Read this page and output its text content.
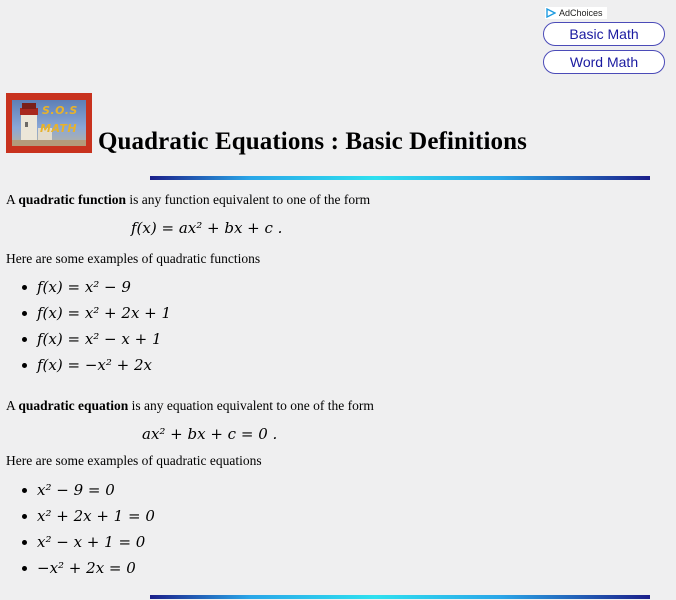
AdChoices
Basic Math
Word Math
S.O.S
MATH Quadratic Equations : Basic Definitions

A quadratic function is any function equivalent to one of the form

f(x) = ax² + bx + c .

Here are some examples of quadratic functions

f(x) = x² − 9
f(x) = x² + 2x + 1
f(x) = x² − x + 1
f(x) = −x² + 2x

A quadratic equation is any equation equivalent to one of the form

ax² + bx + c = 0 .

Here are some examples of quadratic equations

x² − 9 = 0
x² + 2x + 1 = 0
x² − x + 1 = 0
−x² + 2x = 0
